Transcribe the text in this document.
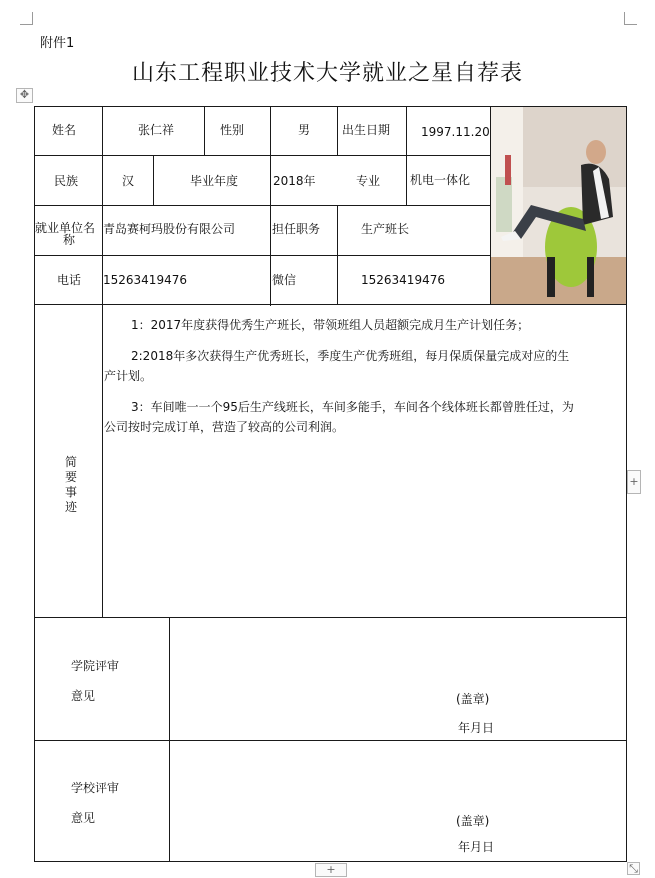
✥
附件1
山东工程职业技术大学就业之星自荐表
姓名	张仁祥	性别	男	出生日期	1997.11.20
民族	汉	毕业年度	2018年	专业 机电一体化
就业单位名
称
青岛赛柯玛股份有限公司	担任职务	生产班长
电话 15263419476	微信	15263419476
简要事迹
1：2017年度获得优秀生产班长，带领班组人员超额完成月生产计划任务；
2:2018年多次获得生产优秀班长，季度生产优秀班组，每月保质保量完成对应的生
产计划。
3：车间唯一一个95后生产线班长，车间多能手，车间各个线体班长都曾胜任过，为
公司按时完成订单，营造了较高的公司利润。
学院评审
意见	(盖章)
年月日
学校评审
意见	(盖章)
年月日
+
+	⤡
